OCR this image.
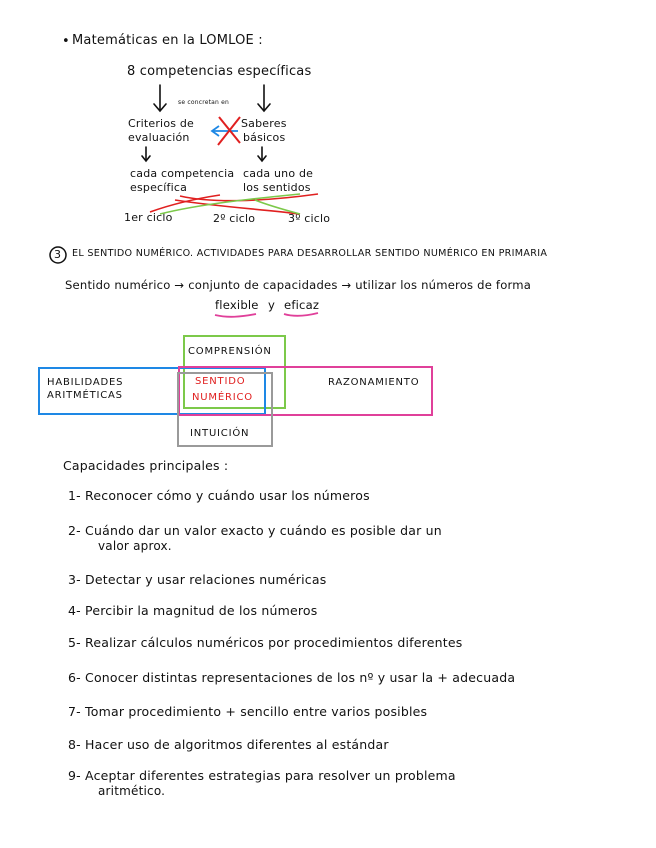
• Matemáticas en la LOMLOE :
8 competencias específicas
se concretan en
Criterios de
evaluación
Saberes
básicos
cada competencia
específica
cada uno de
los sentidos
1er ciclo	2º ciclo	3º ciclo
3 EL SENTIDO NUMÉRICO. ACTIVIDADES PARA DESARROLLAR SENTIDO NUMÉRICO EN PRIMARIA
Sentido numérico → conjunto de capacidades → utilizar los números de forma
flexible y eficaz
COMPRENSIÓN
HABILIDADES
ARITMÉTICAS
SENTIDO
NUMÉRICO
RAZONAMIENTO
INTUICIÓN
Capacidades principales :
1- Reconocer cómo y cuándo usar los números
2- Cuándo dar un valor exacto y cuándo es posible dar un
valor aprox.
3- Detectar y usar relaciones numéricas
4- Percibir la magnitud de los números
5- Realizar cálculos numéricos por procedimientos diferentes
6- Conocer distintas representaciones de los nº y usar la + adecuada
7- Tomar procedimiento + sencillo entre varios posibles
8- Hacer uso de algoritmos diferentes al estándar
9- Aceptar diferentes estrategias para resolver un problema
aritmético.
